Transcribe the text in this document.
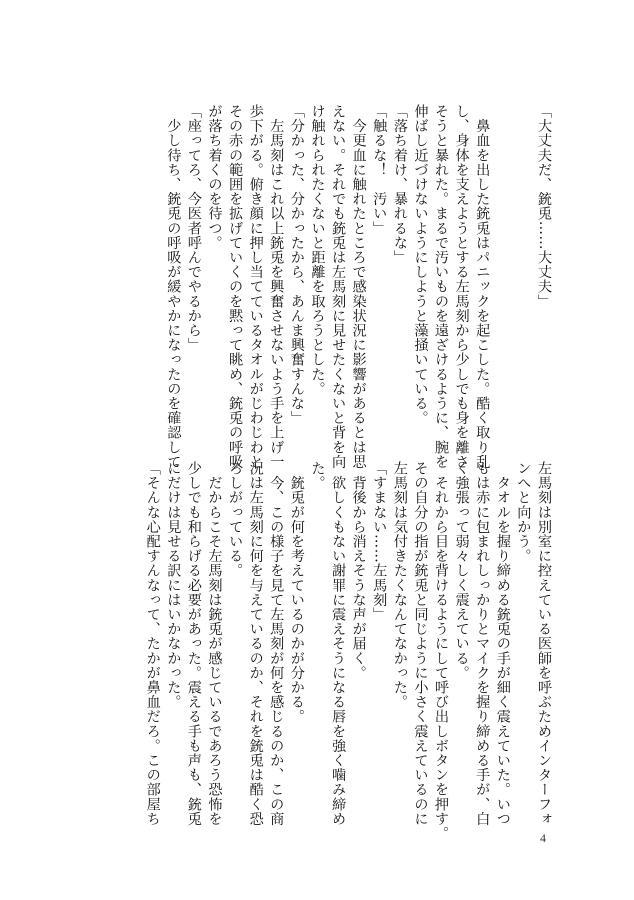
「大丈夫だ、銃兎……大丈夫」

　鼻血を出した銃兎はパニックを起こした。酷く取り乱

し、身体を支えようとする左馬刻から少しでも身を離さ

そうと暴れた。まるで汚いものを遠ざけるように、腕を

伸ばし近づけないようにしようと藻掻いている。

「落ち着け、暴れるな」

「触るな！　汚い」

　今更血に触れたところで感染状況に影響があるとは思

えない。それでも銃兎は左馬刻に見せたくないと背を向

け触れられたくないと距離を取ろうとした。

「分かった、分かったから、あんま興奮すんな」

　左馬刻はこれ以上銃兎を興奮させないよう手を上げ一

歩下がる。俯き顔に押し当てているタオルがじわじわと

その赤の範囲を拡げていくのを黙って眺め、銃兎の呼吸

が落ち着くのを待つ。

「座ってろ、今医者呼んでやるから」

　少し待ち、銃兎の呼吸が緩やかになったのを確認して

左馬刻は別室に控えている医師を呼ぶためインターフォ

ンへと向かう。

　タオルを握り締める銃兎の手が細く震えていた。いつ

もは赤に包まれしっかりとマイクを握り締める手が、白

く強張って弱々しく震えている。

　それから目を背けるようにして呼び出しボタンを押す。

その自分の指が銃兎と同じように小さく震えているのに

左馬刻は気付きたくなんてなかった。

「すまない……左馬刻」

　背後から消えそうな声が届く。

　欲しくもない謝罪に震えそうになる唇を強く噛み締め

た。

　銃兎が何を考えているのかが分かる。

　今、この様子を見て左馬刻が何を感じるのか、この商

況は左馬刻に何を与えているのか、それを銃兎は酷く恐

ろしがっている。

　だからこそ左馬刻は銃兎が感じているであろう恐怖を

少しでも和らげる必要があった。震える手も声も、銃兎

にだけは見せる訳にはいかなかった。

「そんな心配すんなって、たかが鼻血だろ。この部屋ち

4
